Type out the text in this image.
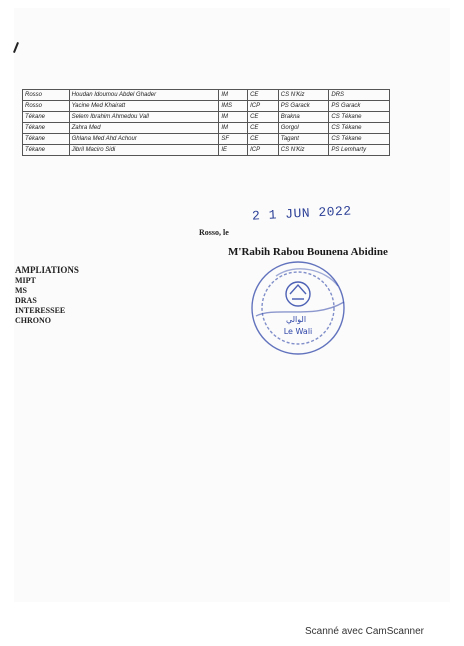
Rosso	Houdan Idoumou Abdel Ghader	IM	CE	CS N'Kiz	DRS
Rosso	Yacine Med Khairatt	IMS	ICP	PS Garack	PS Garack
Tékane	Selem Ibrahim Ahmedou Vall	IM	CE	Brakna	CS Tékane
Tékane	Zahra Med	IM	CE	Gorgol	CS Tékane
Tékane	Ghlana Med Ahd Achour	SF	CE	Tagant	CS Tékane
Tékane	Jibril Maciro Sidi	IE	ICP	CS N'Kiz	PS Lemharty
Rosso, le
2 1 JUN 2022
M'Rabih Rabou Bounena Abidine
AMPLIATIONS
MIPT
MS
DRAS
INTERESSEE
CHRONO	الوالي
Le Wali
Scanné avec CamScanner
